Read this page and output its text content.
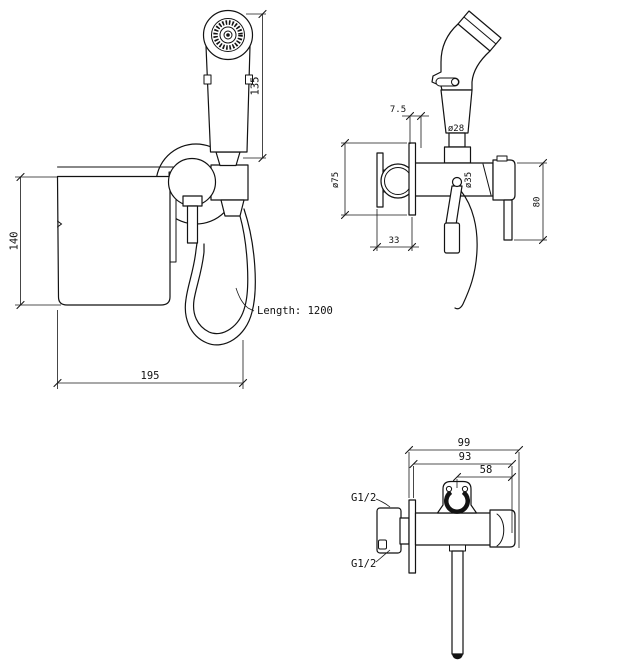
135
140
195
Length: 1200
7.5
ø28
ø75	ø35
80
33
99
93
58
G1/2
G1/2
